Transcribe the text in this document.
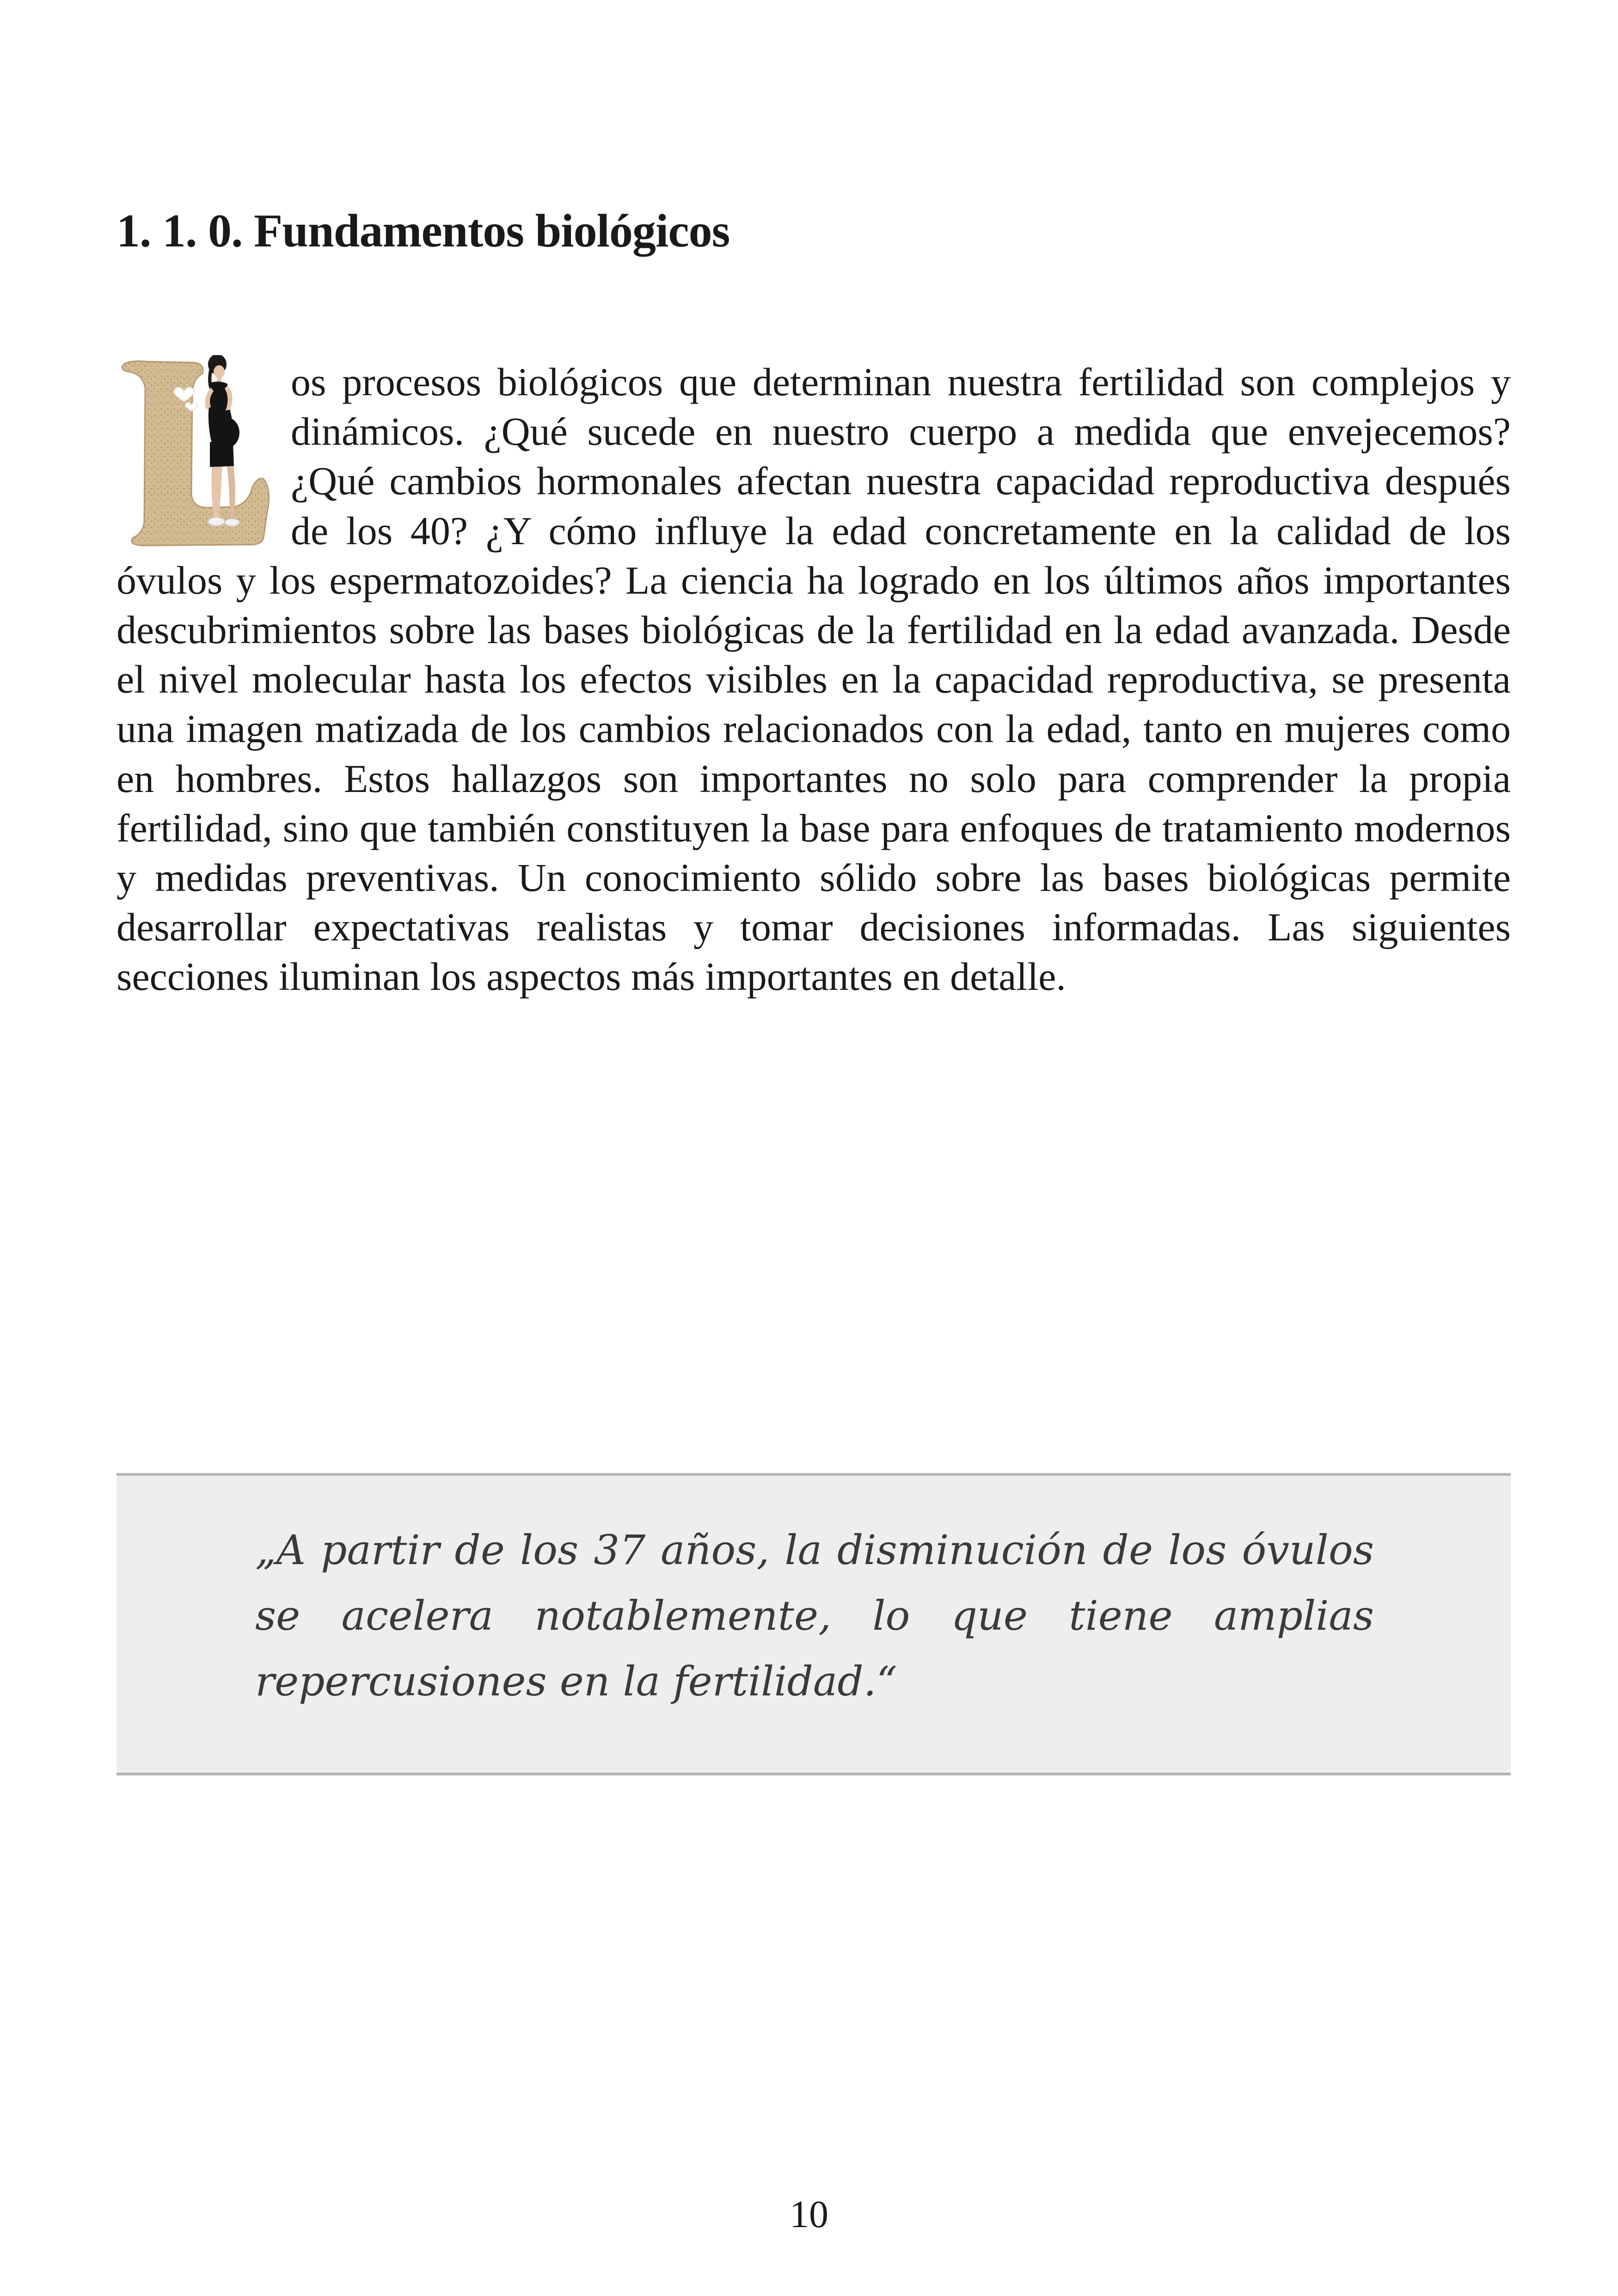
1. 1. 0. Fundamentos biológicos

os procesos biológicos que determinan nuestra fertilidad son complejos y dinámicos. ¿Qué sucede en nuestro cuerpo a medida que envejecemos? ¿Qué cambios hormonales afectan nuestra capacidad reproductiva después de los 40? ¿Y cómo influye la edad concretamente en la calidad de los óvulos y los espermatozoides? La ciencia ha logrado en los últimos años importantes descubrimientos sobre las bases biológicas de la fertilidad en la edad avanzada. Desde el nivel molecular hasta los efectos visibles en la capacidad reproductiva, se presenta una imagen matizada de los cambios relacionados con la edad, tanto en mujeres como en hombres. Estos hallazgos son importantes no solo para comprender la propia fertilidad, sino que también constituyen la base para enfoques de tratamiento modernos y medidas preventivas. Un conocimiento sólido sobre las bases biológicas permite desarrollar expectativas realistas y tomar decisiones informadas. Las siguientes secciones iluminan los aspectos más importantes en detalle.

„A partir de los 37 años, la disminución de los óvulos se acelera notablemente, lo que tiene amplias repercusiones en la fertilidad.“

10
